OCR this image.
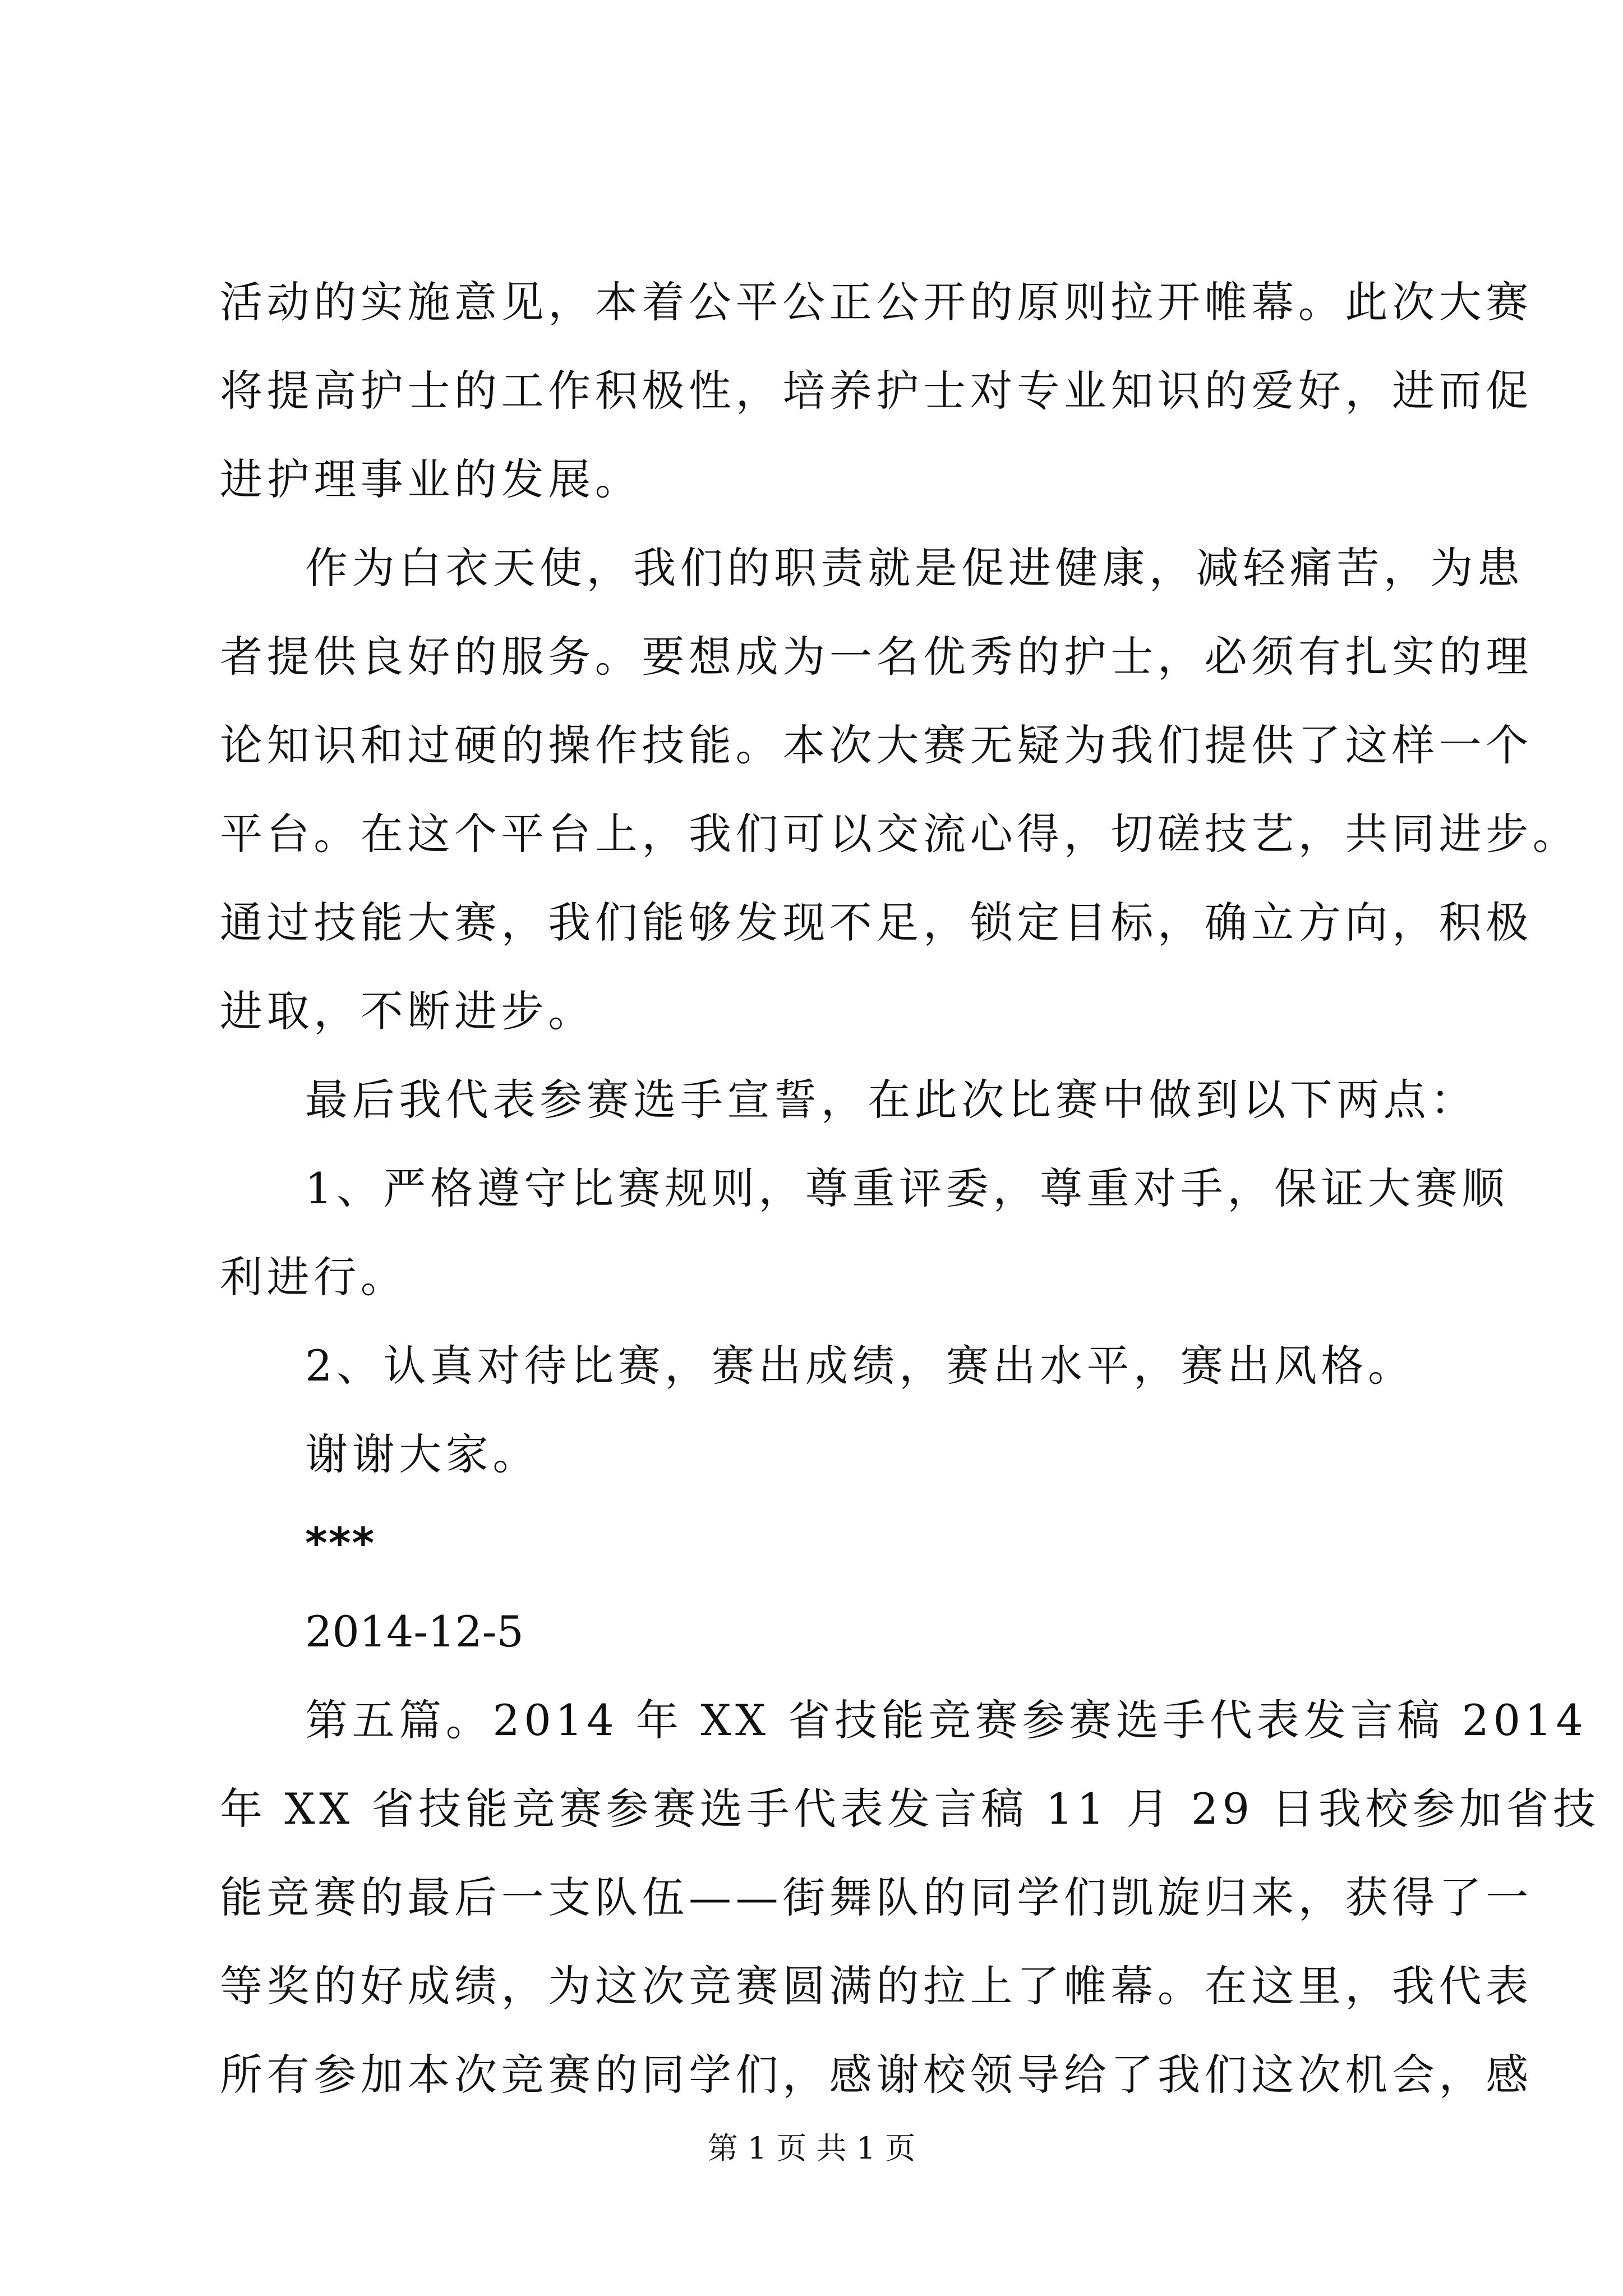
活动的实施意见，本着公平公正公开的原则拉开帷幕。此次大赛
将提高护士的工作积极性，培养护士对专业知识的爱好，进而促
进护理事业的发展。
作为白衣天使，我们的职责就是促进健康，减轻痛苦，为患
者提供良好的服务。要想成为一名优秀的护士，必须有扎实的理
论知识和过硬的操作技能。本次大赛无疑为我们提供了这样一个
平台。在这个平台上，我们可以交流心得，切磋技艺，共同进步。
通过技能大赛，我们能够发现不足，锁定目标，确立方向，积极
进取，不断进步。
最后我代表参赛选手宣誓，在此次比赛中做到以下两点：
1、严格遵守比赛规则，尊重评委，尊重对手，保证大赛顺
利进行。
2、认真对待比赛，赛出成绩，赛出水平，赛出风格。
谢谢大家。
***
2014-12-5
第五篇。2014 年 XX 省技能竞赛参赛选手代表发言稿 2014
年 XX 省技能竞赛参赛选手代表发言稿 11 月 29 日我校参加省技
能竞赛的最后一支队伍——街舞队的同学们凯旋归来，获得了一
等奖的好成绩，为这次竞赛圆满的拉上了帷幕。在这里，我代表
所有参加本次竞赛的同学们，感谢校领导给了我们这次机会，感
第 1 页 共 1 页
